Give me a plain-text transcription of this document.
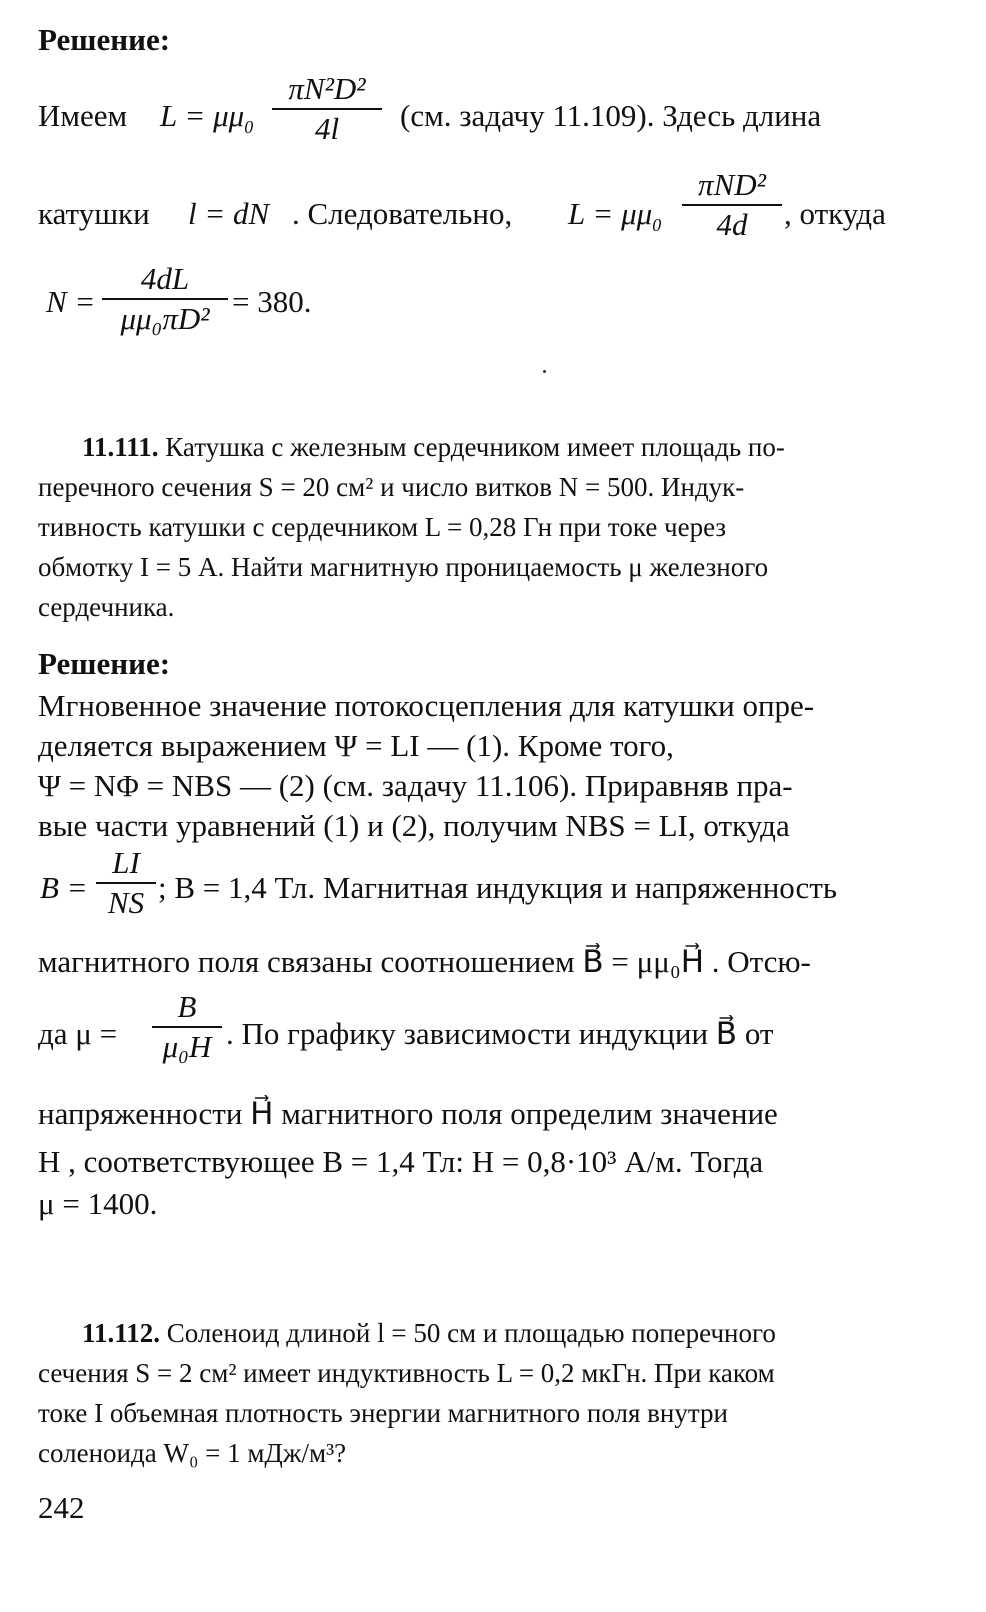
Решение:
Имеем $L = \mu\mu_0$
πN²D²
4l	(см. задачу 11.109). Здесь длина
катушки l = dN . Следовательно, $L = \mu\mu_0$
πND²
4d	, откуда
N =
4dL
μμ₀πD² = 380.
11.111. Катушка с железным сердечником имеет площадь по-
перечного сечения S = 20 см² и число витков N = 500. Индук-
тивность катушки с сердечником L = 0,28 Гн при токе через
обмотку I = 5 А. Найти магнитную проницаемость μ железного
сердечника.
Решение:
Мгновенное значение потокосцепления для катушки опре-
деляется выражением Ψ = LI — (1). Кроме того,
Ψ = NΦ = NBS — (2) (см. задачу 11.106). Приравняв пра-
вые части уравнений (1) и (2), получим NBS = LI, откуда
B =
LI
NS ; B = 1,4 Тл. Магнитная индукция и напряженность
магнитного поля связаны соотношением B⃗ = μμ₀H⃗ . Отсю-
да μ =
B
μ₀H . По графику зависимости индукции B⃗ от
напряженности H⃗ магнитного поля определим значение
H , соответствующее B = 1,4 Тл: H = 0,8·10³ А/м. Тогда
μ = 1400.
11.112. Соленоид длиной l = 50 см и площадью поперечного
сечения S = 2 см² имеет индуктивность L = 0,2 мкГн. При каком
токе I объемная плотность энергии магнитного поля внутри
соленоида W₀ = 1 мДж/м³?
242
